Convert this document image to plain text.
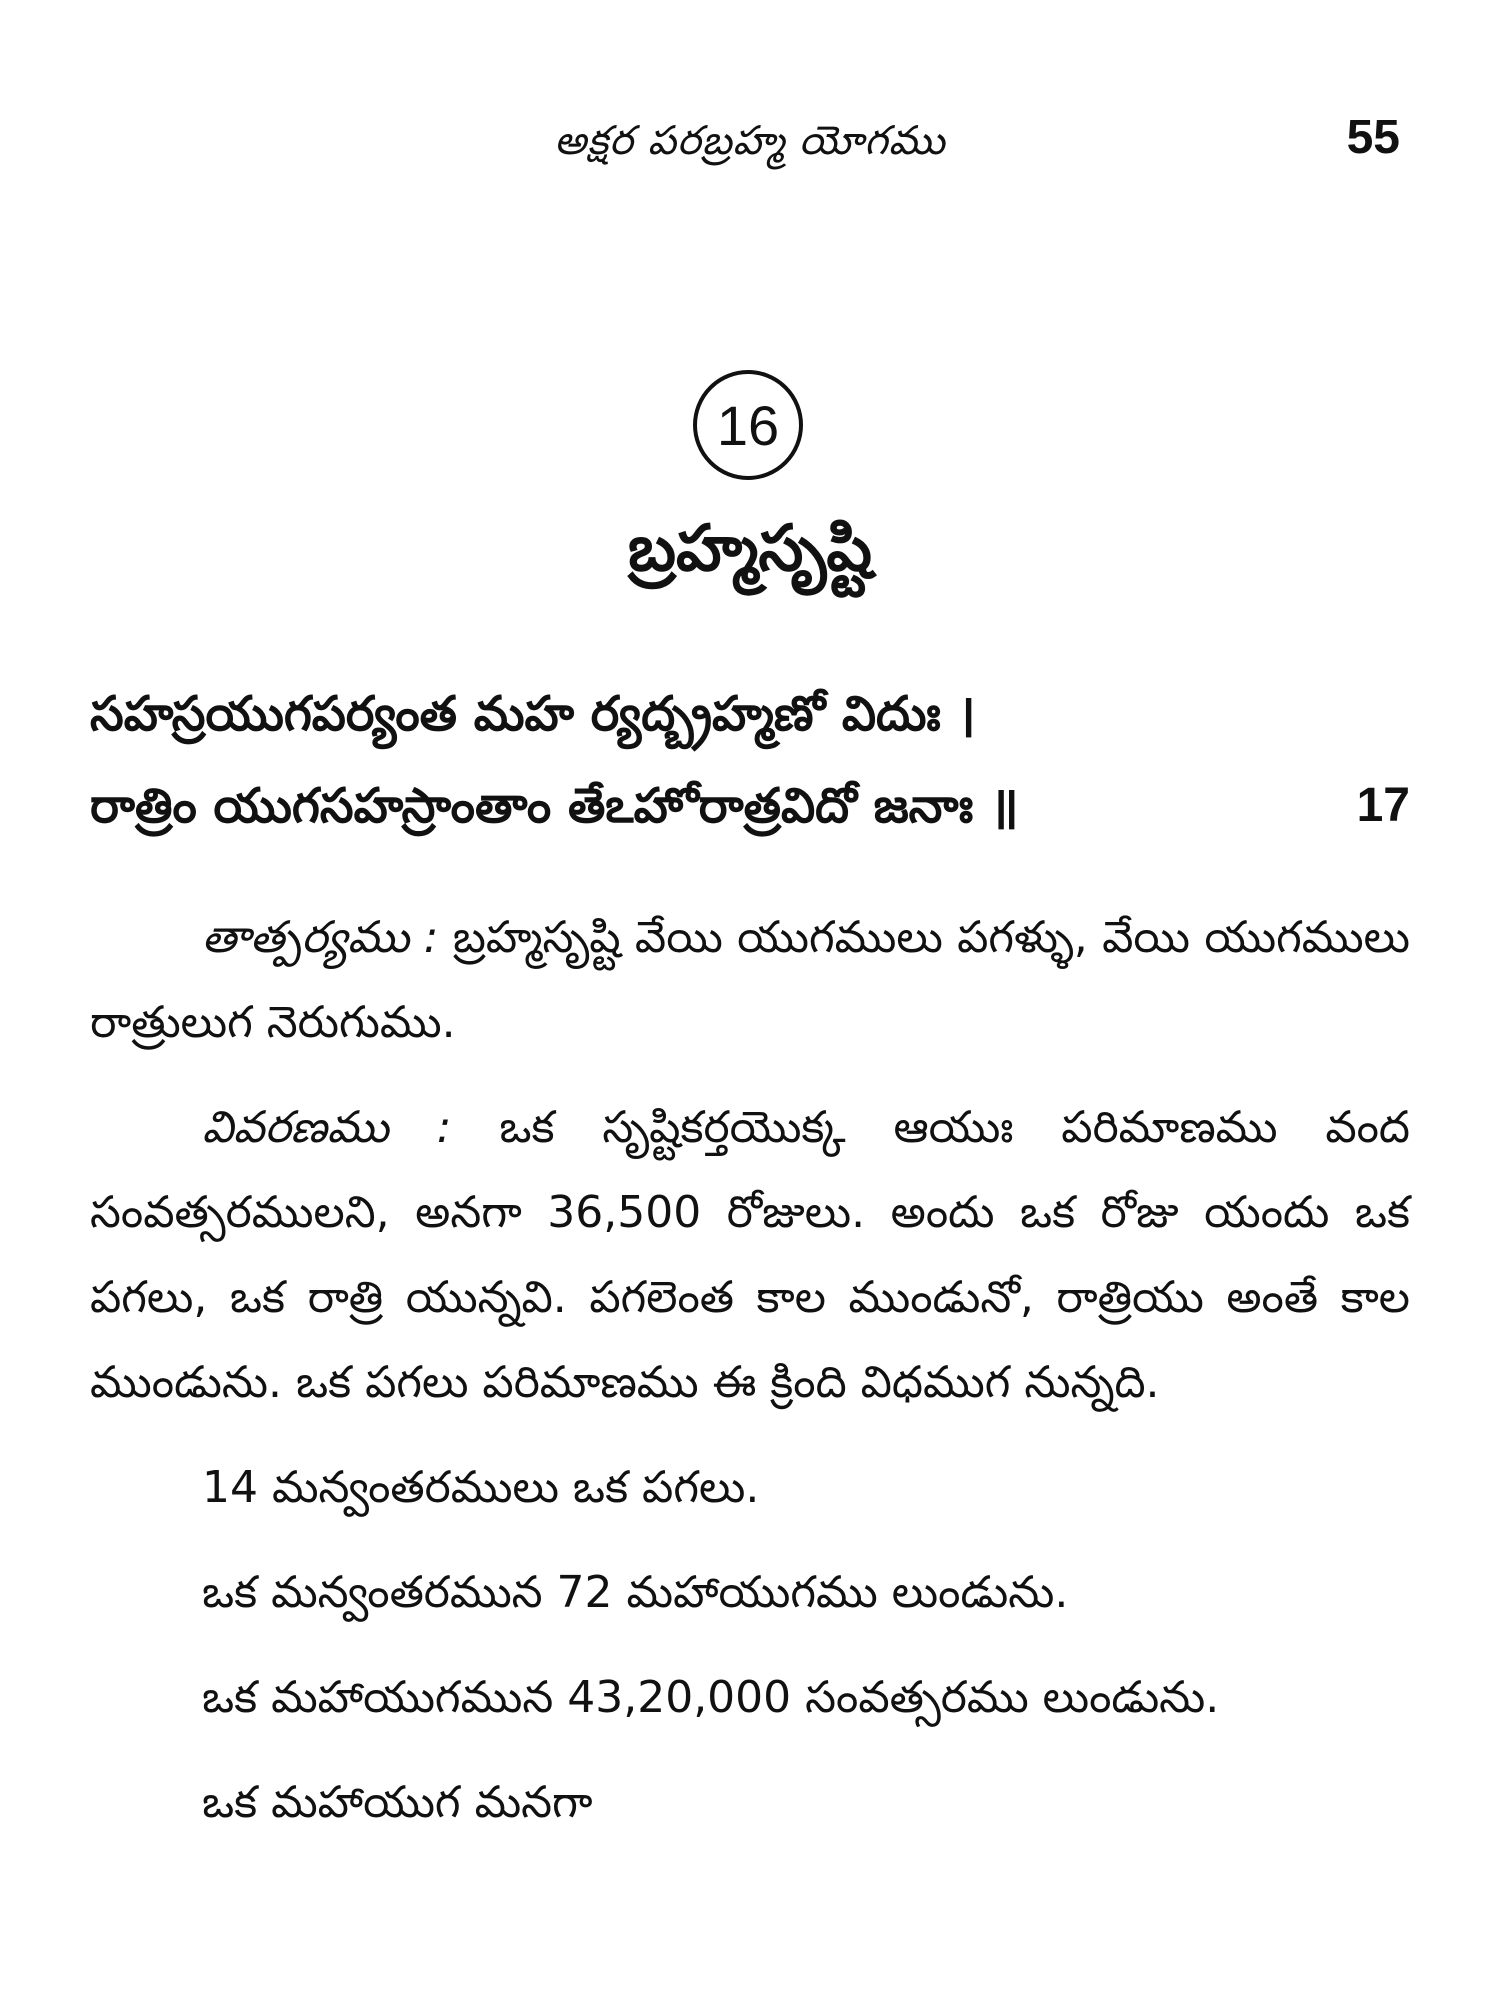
అక్షర పరబ్రహ్మ యోగము	55
16
బ్రహ్మసృష్టి
సహస్రయుగపర్యంత మహ ర్యద్బ్రహ్మణో విదుః ।
రాత్రిం యుగసహస్రాంతాం తేఽహోరాత్రవిదో జనాః ॥	17

తాత్పర్యము : బ్రహ్మసృష్టి వేయి యుగములు పగళ్ళు, వేయి యుగములు రాత్రులుగ నెరుగుము.

వివరణము : ఒక సృష్టికర్తయొక్క ఆయుః పరిమాణము వంద సంవత్సరములని, అనగా 36,500 రోజులు. అందు ఒక రోజు యందు ఒక పగలు, ఒక రాత్రి యున్నవి. పగలెంత కాల ముండునో, రాత్రియు అంతే కాల ముండును. ఒక పగలు పరిమాణము ఈ క్రింది విధముగ నున్నది.

14 మన్వంతరములు ఒక పగలు.

ఒక మన్వంతరమున 72 మహాయుగము లుండును.

ఒక మహాయుగమున 43,20,000 సంవత్సరము లుండును.

ఒక మహాయుగ మనగా
